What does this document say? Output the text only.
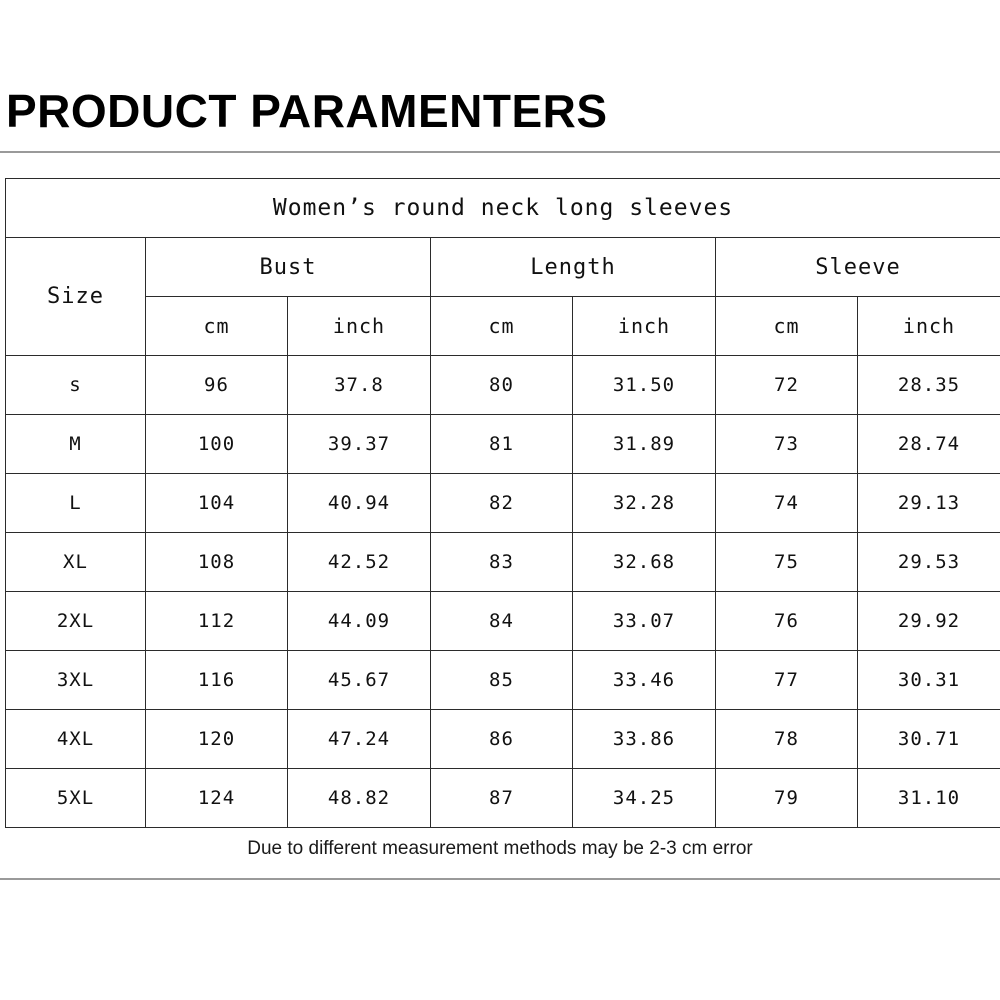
PRODUCT PARAMENTERS
Women’s round neck long sleeves						
Size	Bust		Length		Sleeve	
	cm	inch	cm	inch	cm	inch
s	96	37.8	80	31.50	72	28.35
M	100	39.37	81	31.89	73	28.74
L	104	40.94	82	32.28	74	29.13
XL	108	42.52	83	32.68	75	29.53
2XL	112	44.09	84	33.07	76	29.92
3XL	116	45.67	85	33.46	77	30.31
4XL	120	47.24	86	33.86	78	30.71
5XL	124	48.82	87	34.25	79	31.10
Due to different measurement methods may be 2-3 cm error
